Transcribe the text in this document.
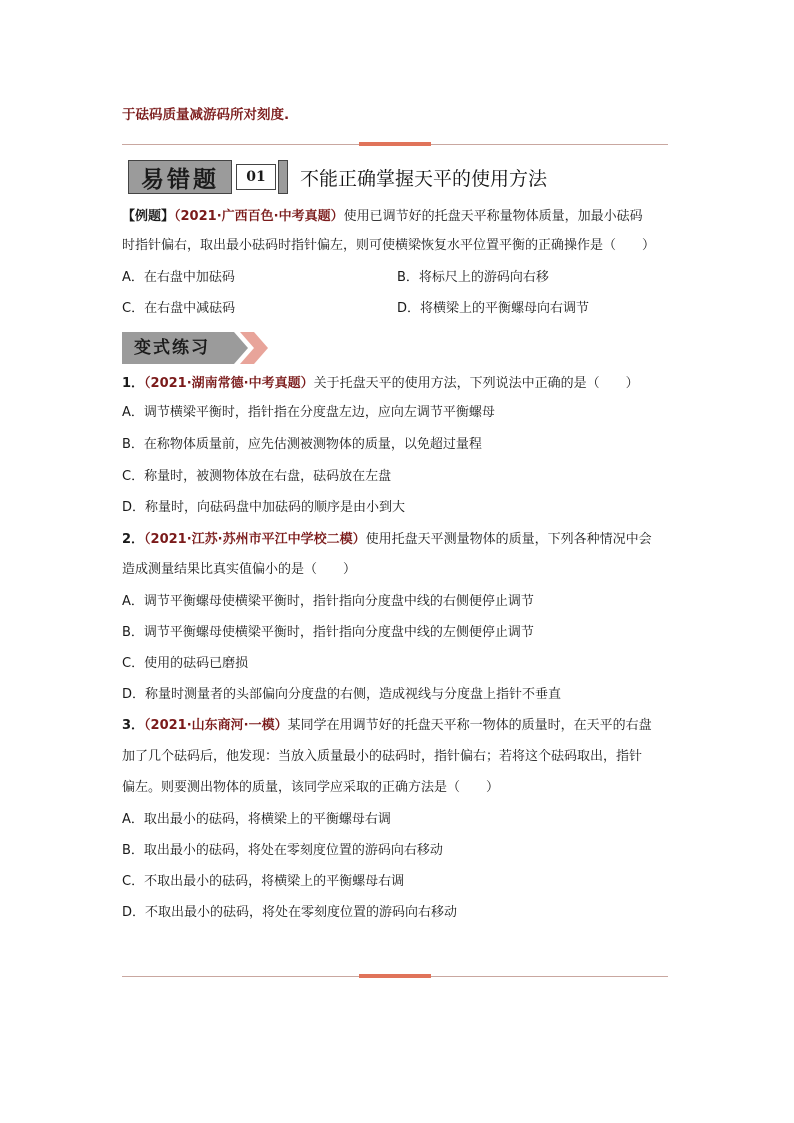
于砝码质量减游码所对刻度.
易错题	01	不能正确掌握天平的使用方法
【例题】（2021·广西百色·中考真题）使用已调节好的托盘天平称量物体质量，加最小砝码
时指针偏右，取出最小砝码时指针偏左，则可使横梁恢复水平位置平衡的正确操作是（　　）
A．在右盘中加砝码	B．将标尺上的游码向右移
C．在右盘中减砝码	D．将横梁上的平衡螺母向右调节
变式练习
1．（2021·湖南常德·中考真题）关于托盘天平的使用方法，下列说法中正确的是（　　）
A．调节横梁平衡时，指针指在分度盘左边，应向左调节平衡螺母
B．在称物体质量前，应先估测被测物体的质量，以免超过量程
C．称量时，被测物体放在右盘，砝码放在左盘
D．称量时，向砝码盘中加砝码的顺序是由小到大
2．（2021·江苏·苏州市平江中学校二模）使用托盘天平测量物体的质量，下列各种情况中会
造成测量结果比真实值偏小的是（　　）
A．调节平衡螺母使横梁平衡时，指针指向分度盘中线的右侧便停止调节
B．调节平衡螺母使横梁平衡时，指针指向分度盘中线的左侧便停止调节
C．使用的砝码已磨损
D．称量时测量者的头部偏向分度盘的右侧，造成视线与分度盘上指针不垂直
3．（2021·山东商河·一模）某同学在用调节好的托盘天平称一物体的质量时，在天平的右盘
加了几个砝码后，他发现：当放入质量最小的砝码时，指针偏右；若将这个砝码取出，指针
偏左。则要测出物体的质量，该同学应采取的正确方法是（　　）
A．取出最小的砝码，将横梁上的平衡螺母右调
B．取出最小的砝码，将处在零刻度位置的游码向右移动
C．不取出最小的砝码，将横梁上的平衡螺母右调
D．不取出最小的砝码，将处在零刻度位置的游码向右移动
